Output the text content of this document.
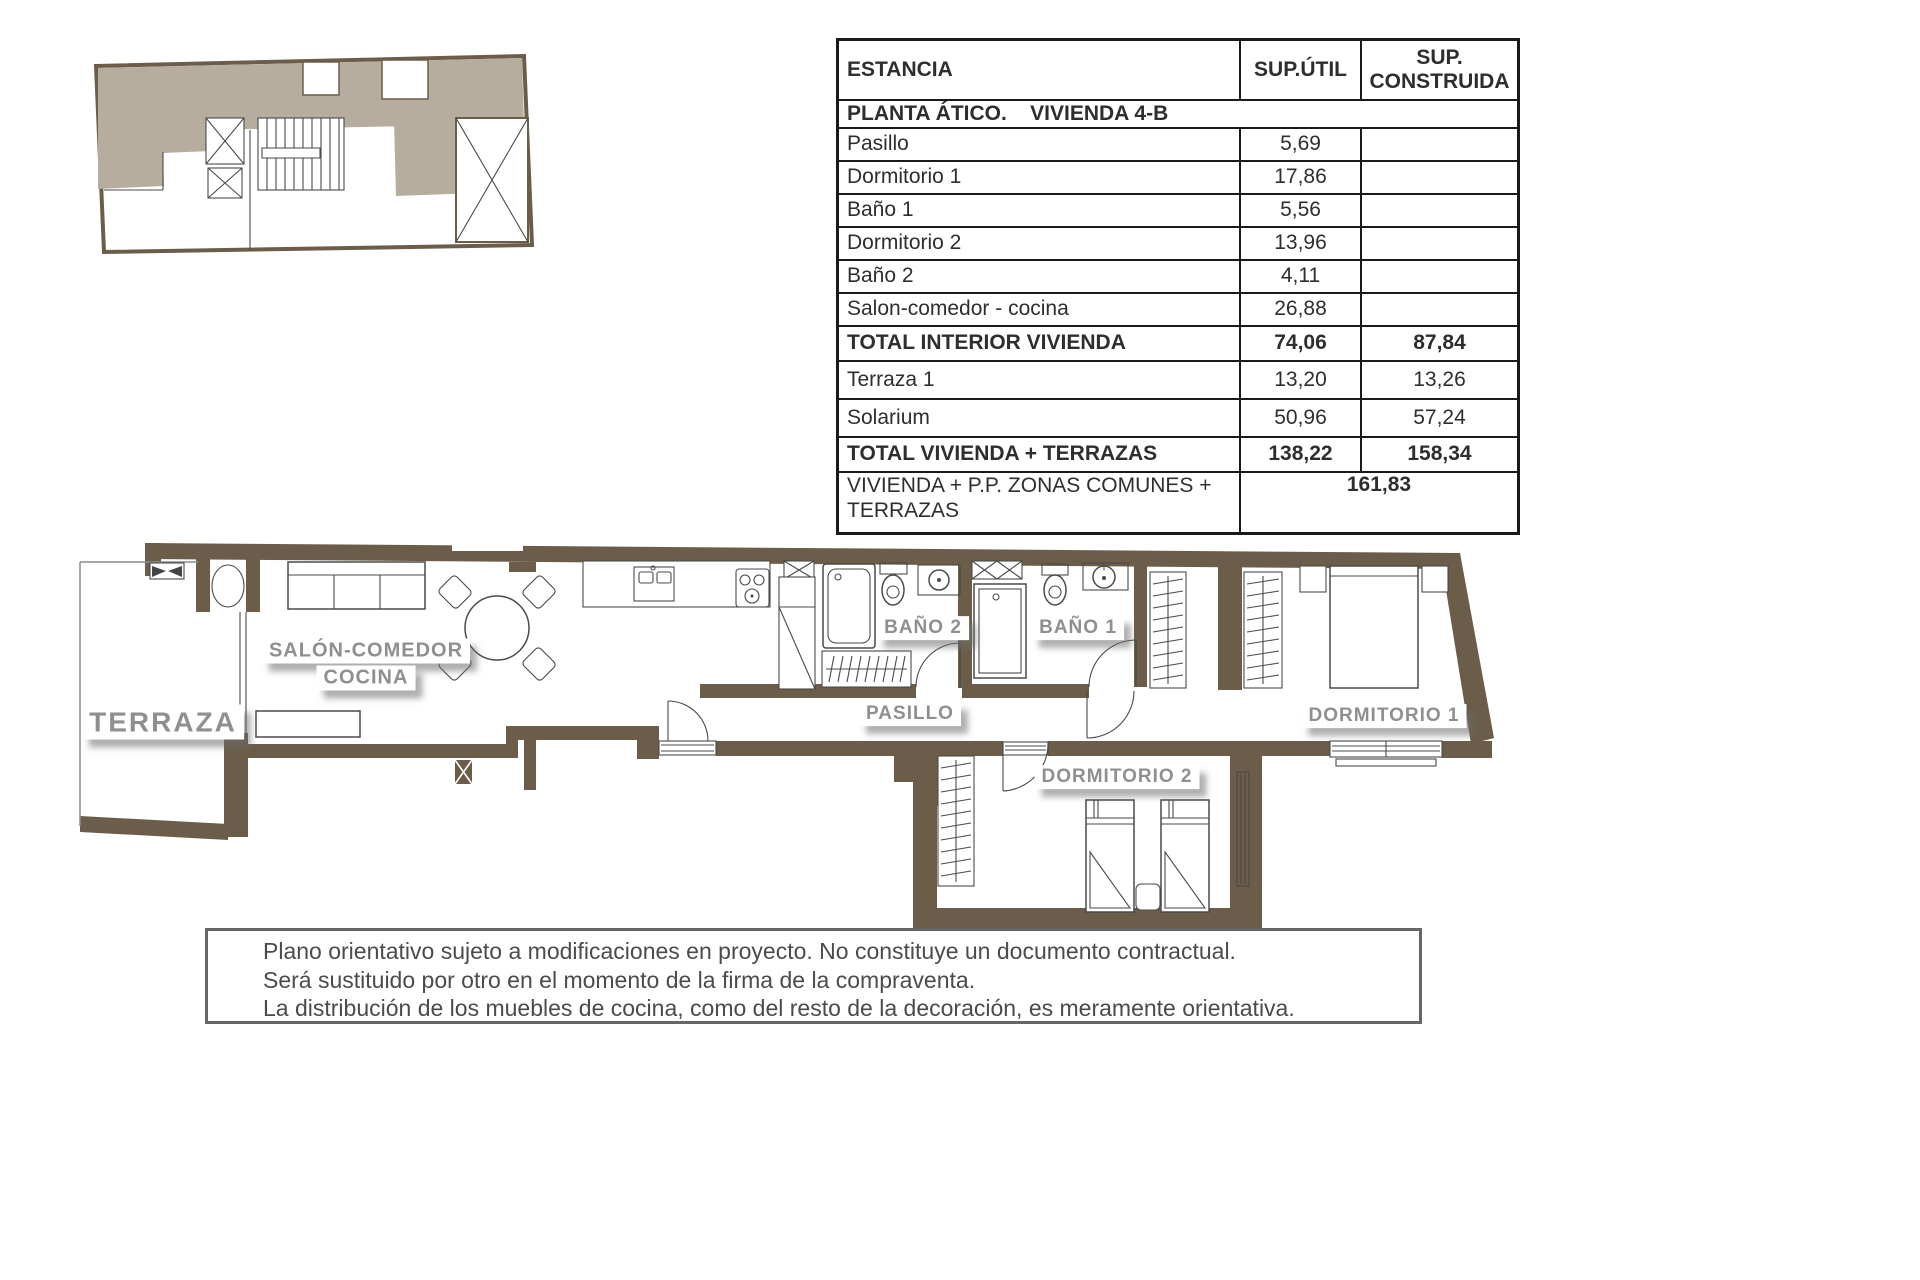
TERRAZA
SALÓN-COMEDOR
COCINA
BAÑO 2	BAÑO 1
PASILLO	DORMITORIO 1
DORMITORIO 2
ESTANCIA	SUP.ÚTIL	SUP. CONSTRUIDA
PLANTA ÁTICO.    VIVIENDA 4-B		
Pasillo	5,69	
Dormitorio 1	17,86	
Baño 1	5,56	
Dormitorio 2	13,96	
Baño 2	4,11	
Salon-comedor - cocina	26,88	
TOTAL INTERIOR VIVIENDA	74,06	87,84
Terraza 1	13,20	13,26
Solarium	50,96	57,24
TOTAL VIVIENDA + TERRAZAS	138,22	158,34
VIVIENDA + P.P. ZONAS COMUNES + TERRAZAS	161,83	
Plano orientativo sujeto a modificaciones en proyecto. No constituye un documento contractual.
Será sustituido por otro en el momento de la firma de la compraventa.
La distribución de los muebles de cocina, como del resto de la decoración, es meramente orientativa.
